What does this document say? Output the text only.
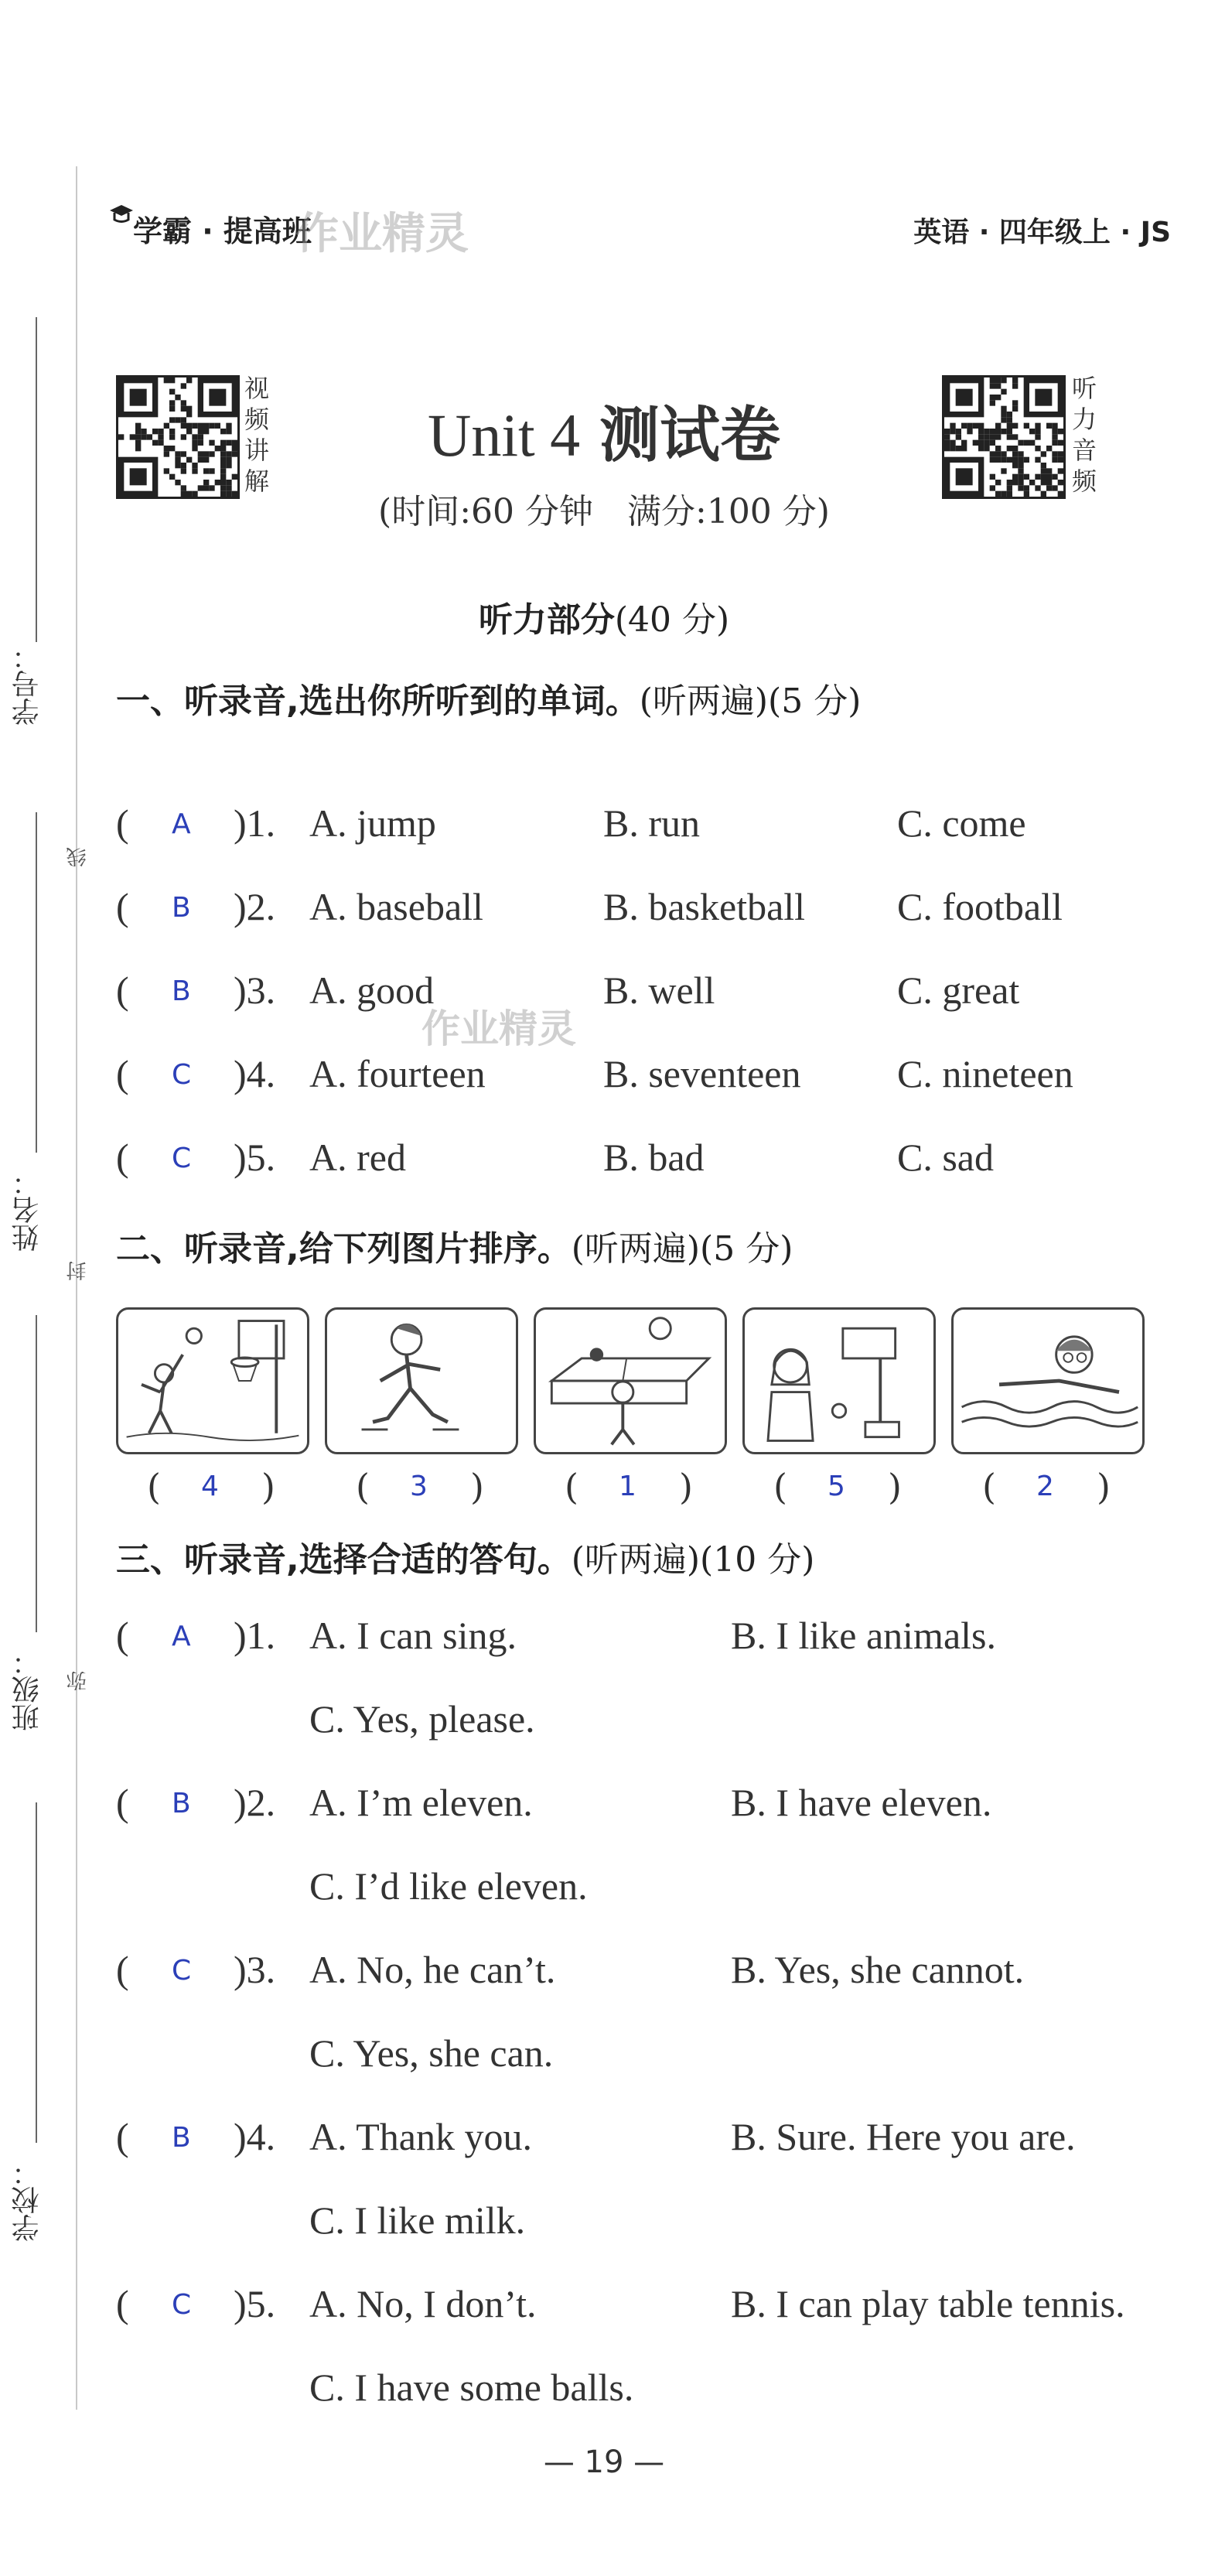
学号：
线
姓名：
封
班级： 弥
学校：
学霸 · 提高班
作业精灵	英语 · 四年级上 · JS
视
频
讲
解
听
力
音
频
Unit 4 测试卷
(时间:60 分钟　满分:100 分)
听力部分(40 分)
一、听录音,选出你所听到的单词。(听两遍)(5 分)
( A )1. A. jump	B. run	C. come
( B )2. A. baseball	B. basketball C. football
( B )3. A. good	B. well	C. great
( C )4. A. fourteen	B. seventeen C. nineteen
( C )5. A. red	B. bad	C. sad
作业精灵
二、听录音,给下列图片排序。(听两遍)(5 分)
( 4 ) ( 3 ) ( 1 ) ( 5 ) ( 2 )
三、听录音,选择合适的答句。(听两遍)(10 分)
( A )1. A. I can sing.	B. I like animals.
C. Yes, please.
( B )2. A. I’m eleven.	B. I have eleven.
C. I’d like eleven.
( C )3. A. No, he can’t.	B. Yes, she cannot.
C. Yes, she can.
( B )4. A. Thank you.	B. Sure. Here you are.
C. I like milk.
( C )5. A. No, I don’t.	B. I can play table tennis.
C. I have some balls.
— 19 —
